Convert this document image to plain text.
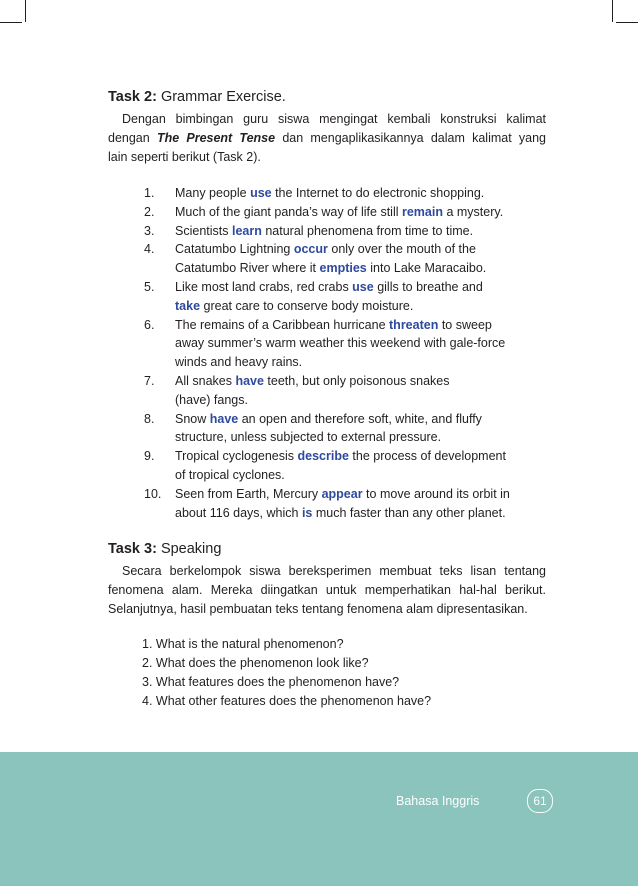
Task 2: Grammar Exercise.
Dengan bimbingan guru siswa mengingat kembali konstruksi kalimat
dengan The Present Tense dan mengaplikasikannya dalam kalimat yang
lain seperti berikut (Task 2).
1. Many people use the Internet to do electronic shopping.
2. Much of the giant panda’s way of life still remain a mystery.
3. Scientists learn natural phenomena from time to time.
4. Catatumbo Lightning occur only over the mouth of the
Catatumbo River where it empties into Lake Maracaibo.
5. Like most land crabs, red crabs use gills to breathe and
take great care to conserve body moisture.
6. The remains of a Caribbean hurricane threaten to sweep
away summer’s warm weather this weekend with gale-force
winds and heavy rains.
7. All snakes have teeth, but only poisonous snakes
(have) fangs.
8. Snow have an open and therefore soft, white, and fluffy
structure, unless subjected to external pressure.
9. Tropical cyclogenesis describe the process of development
of tropical cyclones.
10. Seen from Earth, Mercury appear to move around its orbit in
about 116 days, which is much faster than any other planet.
Task 3: Speaking
Secara berkelompok siswa bereksperimen membuat teks lisan tentang
fenomena alam. Mereka diingatkan untuk memperhatikan hal-hal berikut.
Selanjutnya, hasil pembuatan teks tentang fenomena alam dipresentasikan.
1. What is the natural phenomenon?
2. What does the phenomenon look like?
3. What features does the phenomenon have?
4. What other features does the phenomenon have?
Bahasa Inggris	61
